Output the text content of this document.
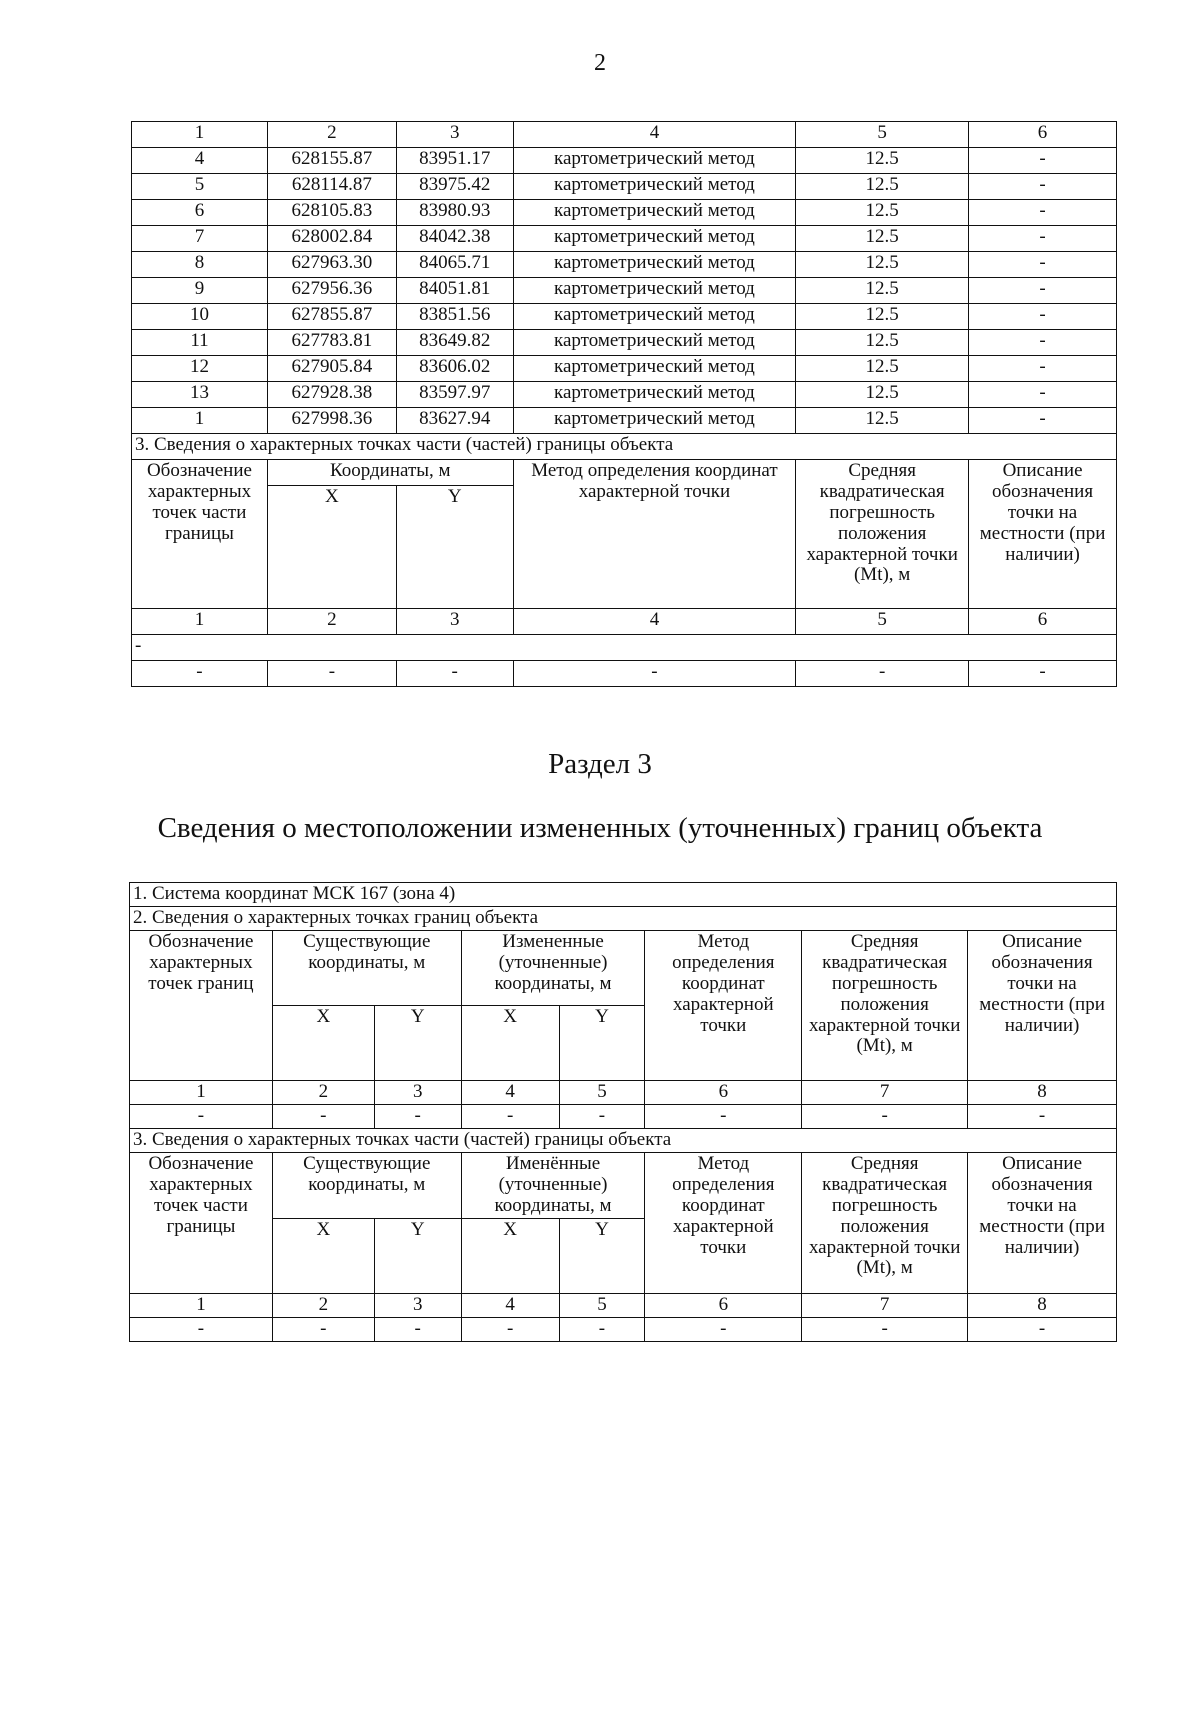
2
1	2	3	4	5	6
4	628155.87	83951.17	картометрический метод	12.5	-
5	628114.87	83975.42	картометрический метод	12.5	-
6	628105.83	83980.93	картометрический метод	12.5	-
7	628002.84	84042.38	картометрический метод	12.5	-
8	627963.30	84065.71	картометрический метод	12.5	-
9	627956.36	84051.81	картометрический метод	12.5	-
10	627855.87	83851.56	картометрический метод	12.5	-
11	627783.81	83649.82	картометрический метод	12.5	-
12	627905.84	83606.02	картометрический метод	12.5	-
13	627928.38	83597.97	картометрический метод	12.5	-
1	627998.36	83627.94	картометрический метод	12.5	-
3. Сведения о характерных точках части (частей) границы объекта					
Обозначение характерных точек части границы	Координаты, м		Метод определения координат характерной точки	Средняя квадратическая погрешность положения характерной точки (Mt), м	Описание обозначения точки на местности (при наличии)
	X	Y			
1	2	3	4	5	6
-					
-	-	-	-	-	-
Раздел 3
Сведения о местоположении измененных (уточненных) границ объекта
1. Система координат МСК 167 (зона 4)							
2. Сведения о характерных точках границ объекта							
Обозначение характерных точек границ	Существующие координаты, м		Измененные (уточненные) координаты, м		Метод определения координат характерной точки	Средняя квадратическая погрешность положения характерной точки (Mt), м	Описание обозначения точки на местности (при наличии)
	X	Y	X	Y			
1	2	3	4	5	6	7	8
-	-	-	-	-	-	-	-
3. Сведения о характерных точках части (частей) границы объекта							
Обозначение характерных точек части границы	Существующие координаты, м		Именённые (уточненные) координаты, м		Метод определения координат характерной точки	Средняя квадратическая погрешность положения характерной точки (Mt), м	Описание обозначения точки на местности (при наличии)
	X	Y	X	Y			
1	2	3	4	5	6	7	8
-	-	-	-	-	-	-	-
